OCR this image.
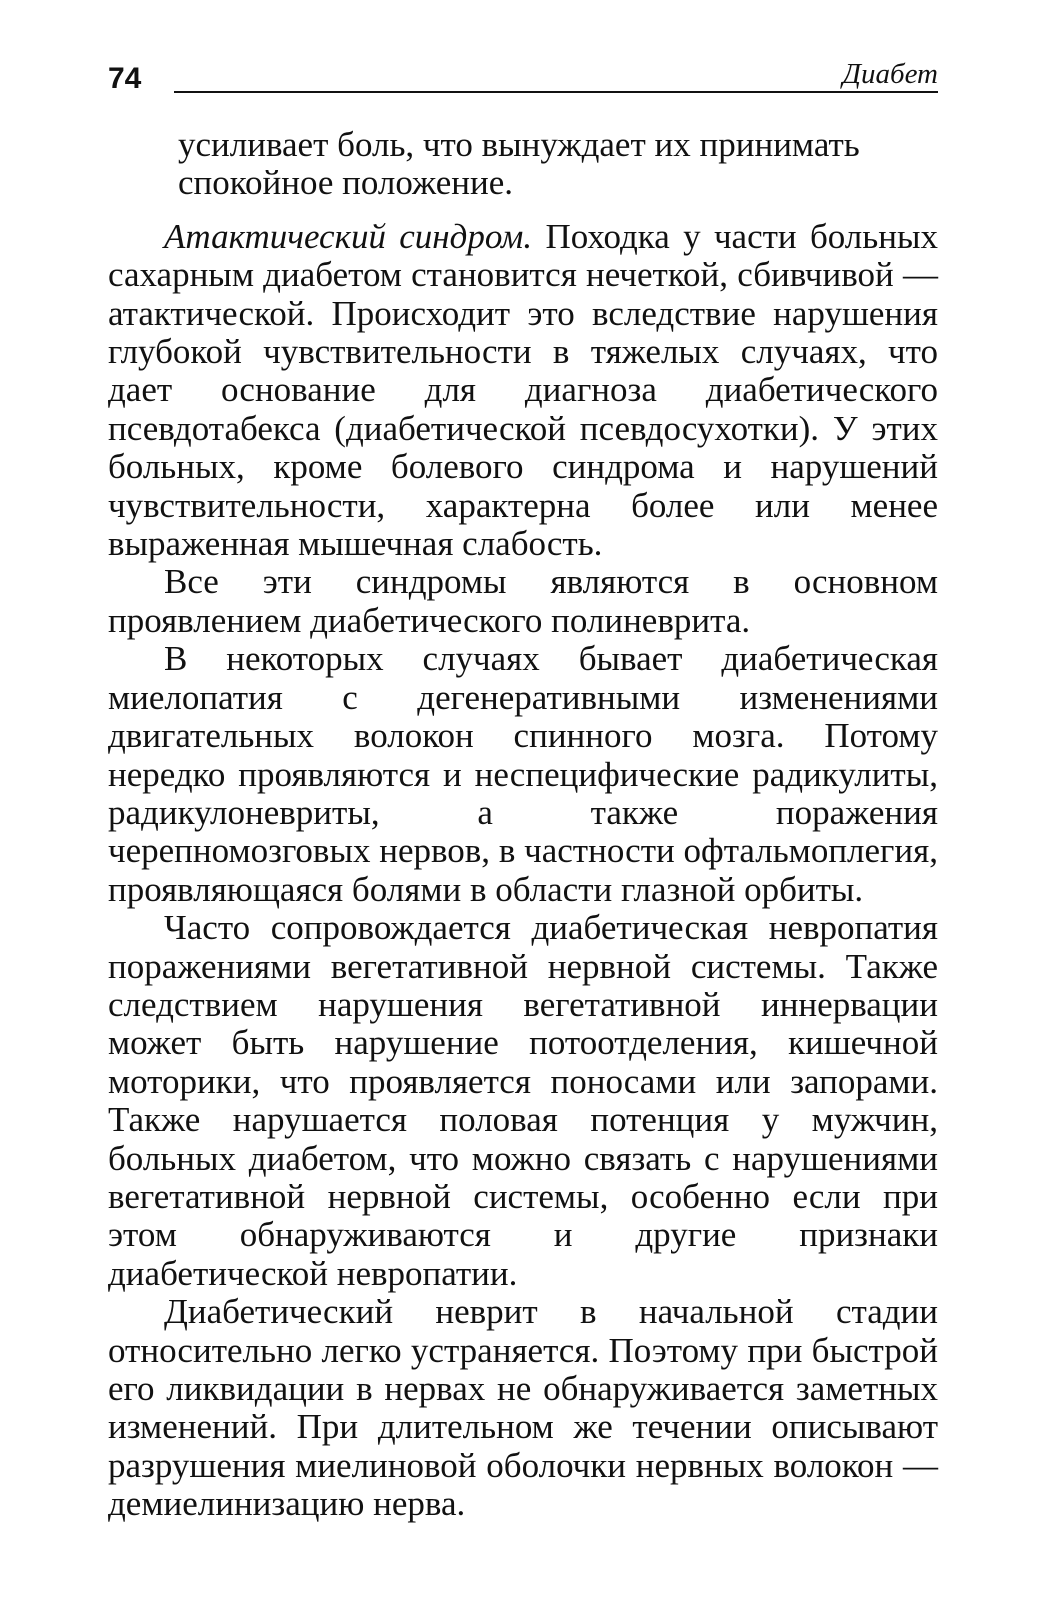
74	Диабет

усиливает боль, что вынуждает их принимать спокойное положение.

Атактический синдром. Походка у части больных сахарным диабетом становится нечеткой, сбивчивой — атактической. Происходит это вследствие нарушения глубокой чувствительности в тяжелых случаях, что дает основание для диагноза диабетического псевдотабекса (диабетической псевдосухотки). У этих больных, кроме болевого синдрома и нарушений чувствительности, характерна более или менее выраженная мышечная слабость.

Все эти синдромы являются в основном проявлением диабетического полиневрита.

В некоторых случаях бывает диабетическая миелопатия с дегенеративными изменениями двигательных волокон спинного мозга. Потому нередко проявляются и неспецифические радикулиты, радикулоневриты, а также поражения черепномозговых нервов, в частности офтальмоплегия, проявляющаяся болями в области глазной орбиты.

Часто сопровождается диабетическая невропатия поражениями вегетативной нервной системы. Также следствием нарушения вегетативной иннервации может быть нарушение потоотделения, кишечной моторики, что проявляется поносами или запорами. Также нарушается половая потенция у мужчин, больных диабетом, что можно связать с нарушениями вегетативной нервной системы, особенно если при этом обнаруживаются и другие признаки диабетической невропатии.

Диабетический неврит в начальной стадии относительно легко устраняется. Поэтому при быстрой его ликвидации в нервах не обнаруживается заметных изменений. При длительном же течении описывают разрушения миелиновой оболочки нервных волокон — демиелинизацию нерва.
